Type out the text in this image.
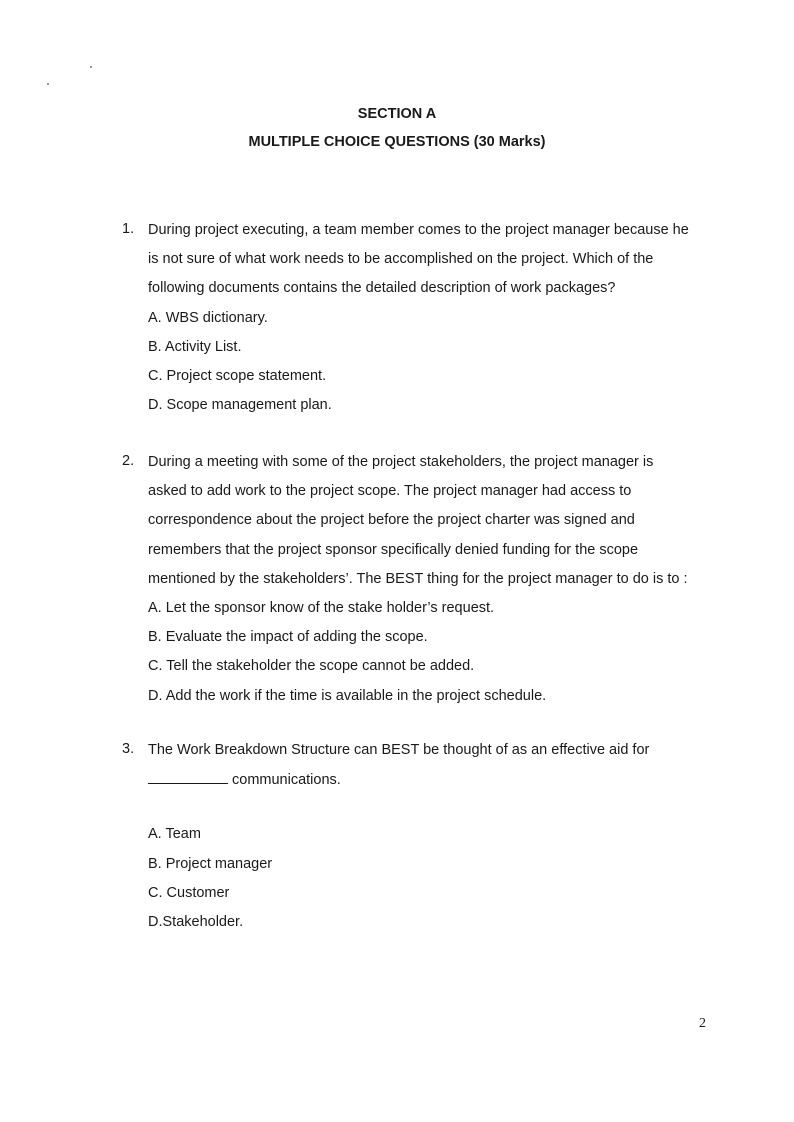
SECTION A
MULTIPLE CHOICE QUESTIONS (30 Marks)
1. During project executing, a team member comes to the project manager because he
is not sure of what work needs to be accomplished on the project. Which of the
following documents contains the detailed description of work packages?
A. WBS dictionary.
B. Activity List.
C. Project scope statement.
D. Scope management plan.
2. During a meeting with some of the project stakeholders, the project manager is
asked to add work to the project scope. The project manager had access to
correspondence about the project before the project charter was signed and
remembers that the project sponsor specifically denied funding for the scope
mentioned by the stakeholders’. The BEST thing for the project manager to do is to :
A. Let the sponsor know of the stake holder’s request.
B. Evaluate the impact of adding the scope.
C. Tell the stakeholder the scope cannot be added.
D. Add the work if the time is available in the project schedule.
3. The Work Breakdown Structure can BEST be thought of as an effective aid for
communications.
A. Team
B. Project manager
C. Customer
D.Stakeholder.
2
